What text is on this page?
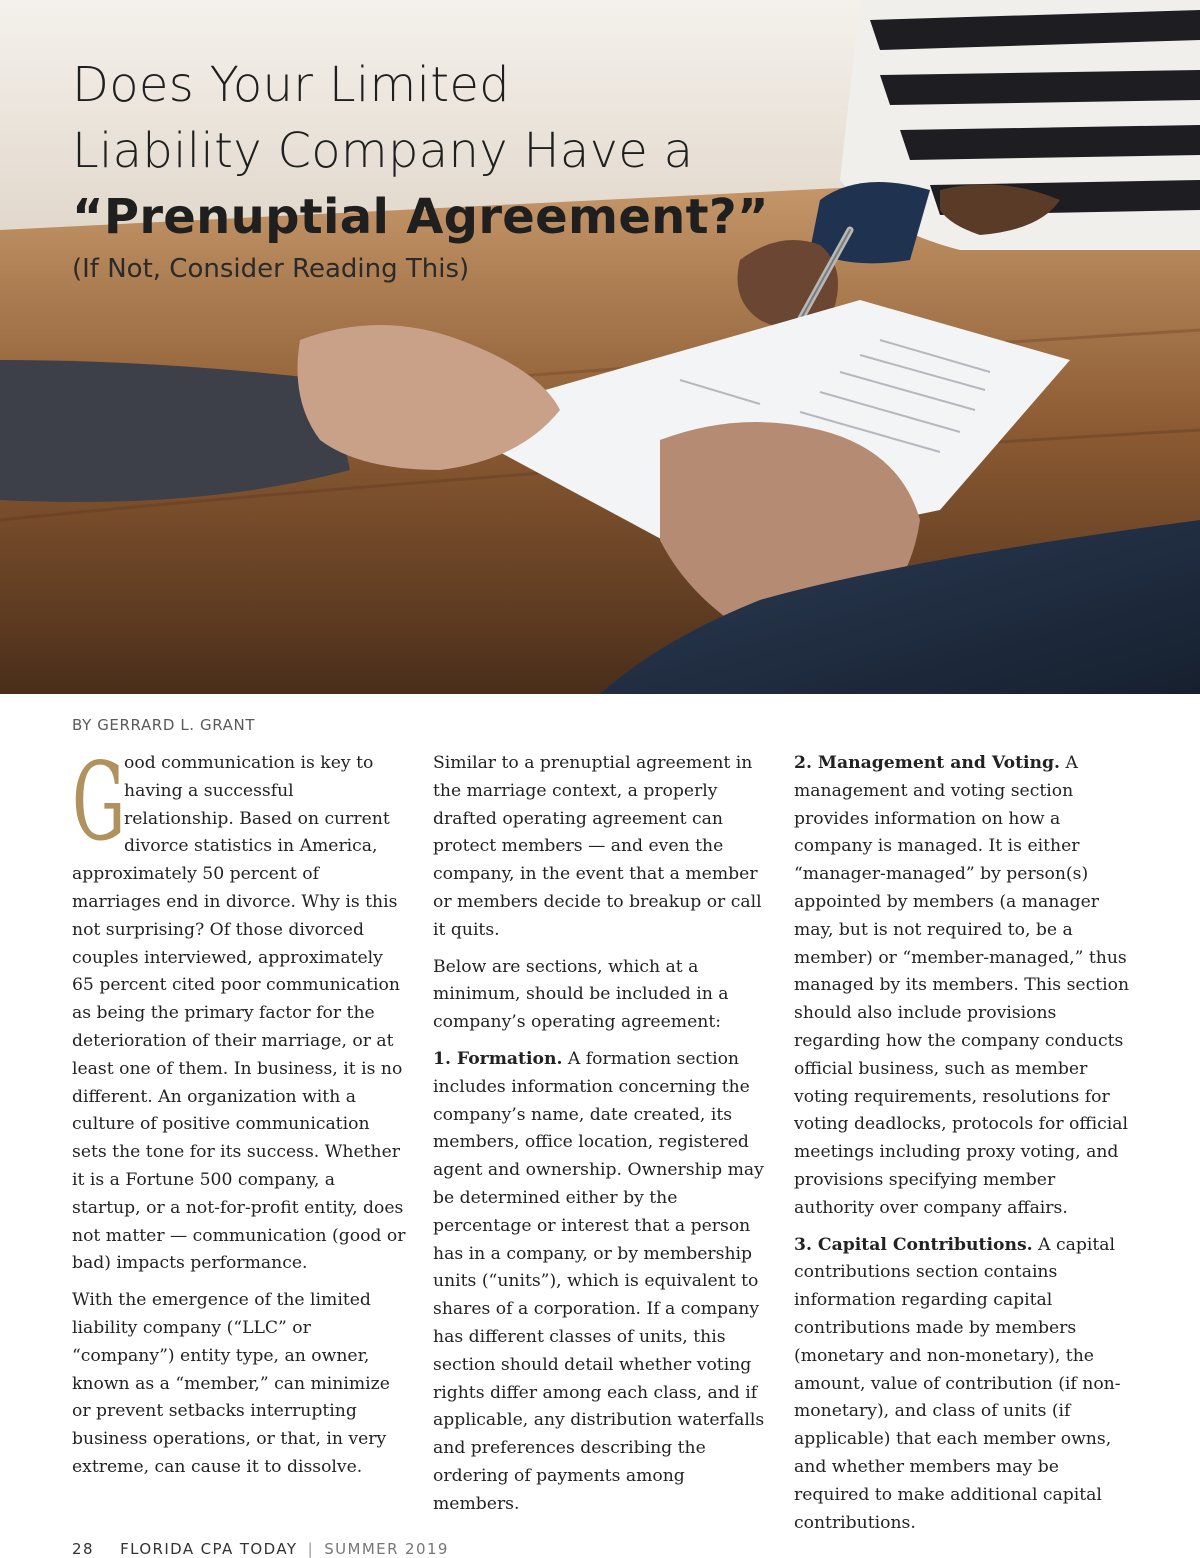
Does Your Limited
Liability Company Have a
“Prenuptial Agreement?”
(If Not, Consider Reading This)
BY GERRARD L. GRANT

G
ood communication is key to having a successful relationship. Based on current divorce statistics in America, approximately 50 percent of marriages end in divorce. Why is this not surprising? Of those divorced couples interviewed, approximately 65 percent cited poor communication as being the primary factor for the deterioration of their marriage, or at least one of them. In business, it is no different. An organization with a culture of positive communication sets the tone for its success. Whether it is a Fortune 500 company, a startup, or a not-for-profit entity, does not matter — communication (good or bad) impacts performance.

With the emergence of the limited liability company (“LLC” or “company”) entity type, an owner, known as a “member,” can minimize or prevent setbacks interrupting business operations, or that, in very extreme, can cause it to dissolve.

Similar to a prenuptial agreement in the marriage context, a properly drafted operating agreement can protect members — and even the company, in the event that a member or members decide to breakup or call it quits.

Below are sections, which at a minimum, should be included in a company’s operating agreement:

1. Formation. A formation section includes information concerning the company’s name, date created, its members, office location, registered agent and ownership. Ownership may be determined either by the percentage or interest that a person has in a company, or by membership units (“units”), which is equivalent to shares of a corporation. If a company has different classes of units, this section should detail whether voting rights differ among each class, and if applicable, any distribution waterfalls and preferences describing the ordering of payments among members.

2. Management and Voting. A management and voting section provides information on how a company is managed. It is either “manager-managed” by person(s) appointed by members (a manager may, but is not required to, be a member) or “member-managed,” thus managed by its members. This section should also include provisions regarding how the company conducts official business, such as member voting requirements, resolutions for voting deadlocks, protocols for official meetings including proxy voting, and provisions specifying member authority over company affairs.

3. Capital Contributions. A capital contributions section contains information regarding capital contributions made by members (monetary and non-monetary), the amount, value of contribution (if non-monetary), and class of units (if applicable) that each member owns, and whether members may be required to make additional capital contributions.

28 FLORIDA CPA TODAY | SUMMER 2019
